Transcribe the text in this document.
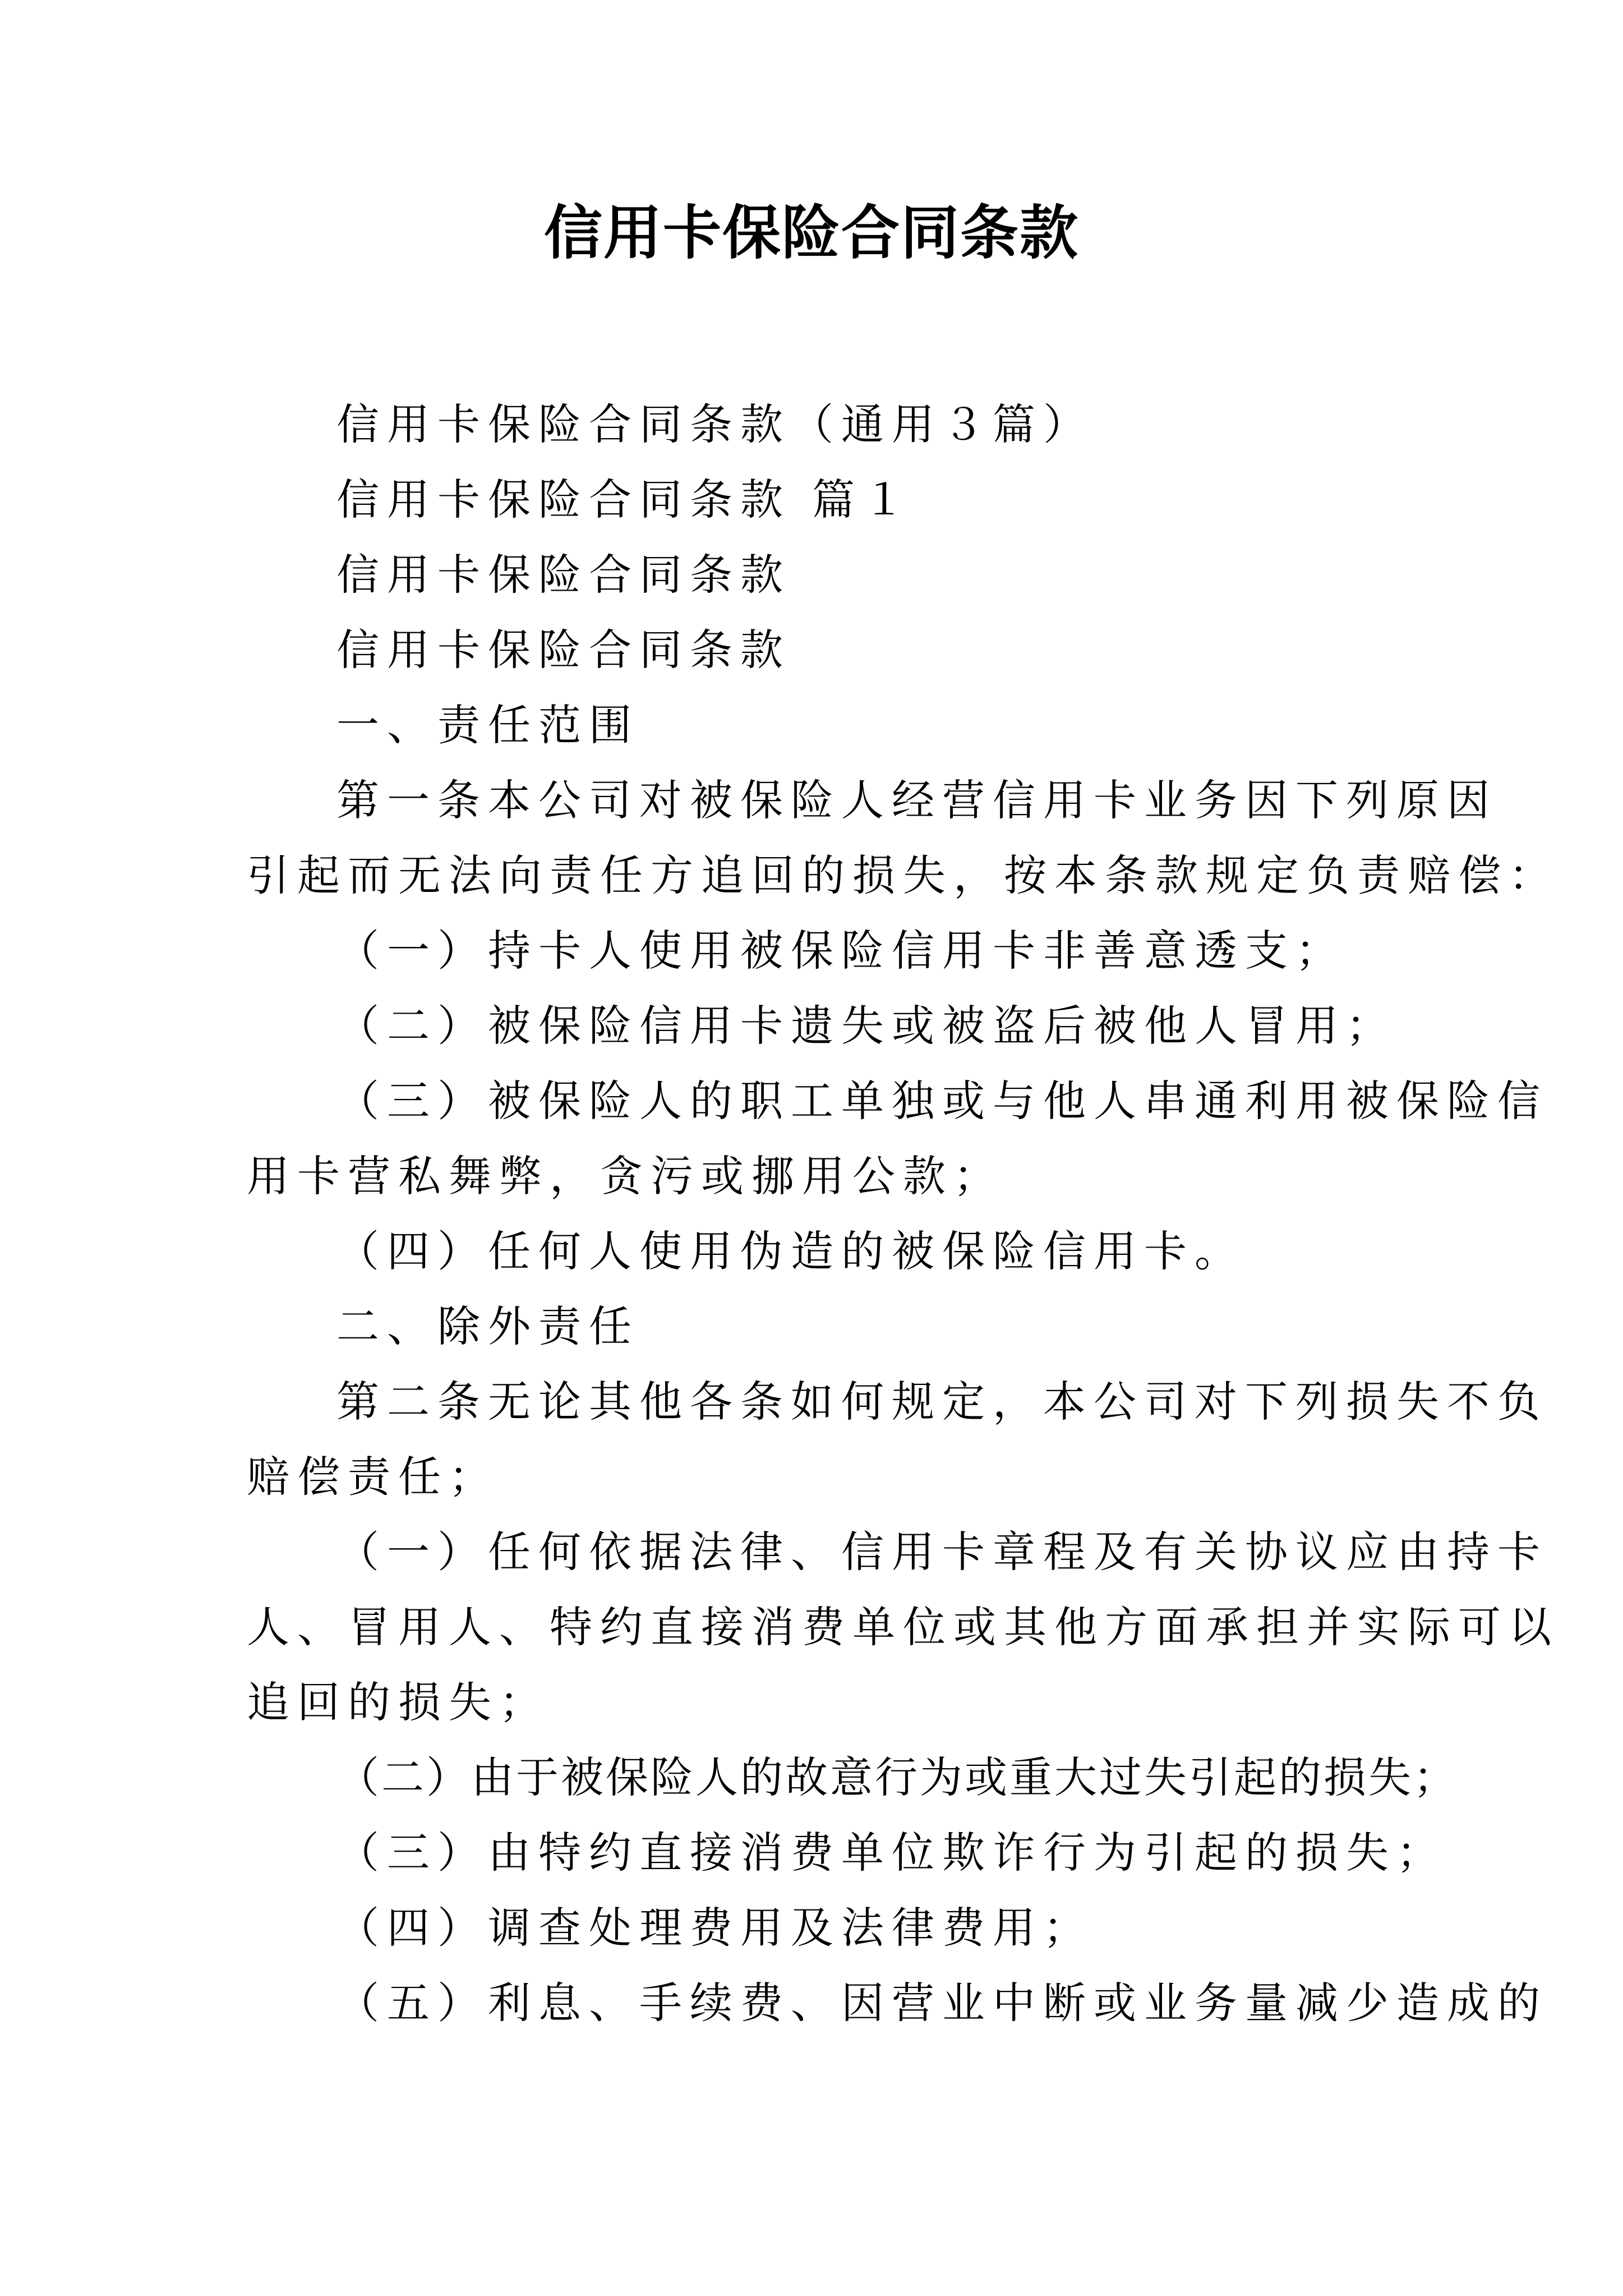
信用卡保险合同条款

信用卡保险合同条款（通用３篇）

信用卡保险合同条款 篇１

信用卡保险合同条款

信用卡保险合同条款

一、责任范围

第一条本公司对被保险人经营信用卡业务因下列原因
引起而无法向责任方追回的损失，按本条款规定负责赔偿：

（一）持卡人使用被保险信用卡非善意透支；

（二）被保险信用卡遗失或被盗后被他人冒用；

（三）被保险人的职工单独或与他人串通利用被保险信
用卡营私舞弊，贪污或挪用公款；

（四）任何人使用伪造的被保险信用卡。

二、除外责任

第二条无论其他各条如何规定，本公司对下列损失不负
赔偿责任；

（一）任何依据法律、信用卡章程及有关协议应由持卡
人、冒用人、特约直接消费单位或其他方面承担并实际可以
追回的损失；

（二）由于被保险人的故意行为或重大过失引起的损失；

（三）由特约直接消费单位欺诈行为引起的损失；

（四）调查处理费用及法律费用；

（五）利息、手续费、因营业中断或业务量减少造成的
